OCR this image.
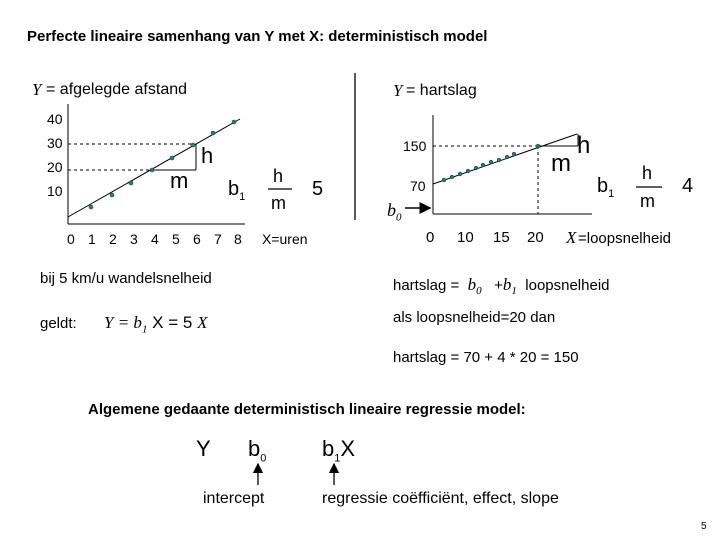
Perfecte lineaire samenhang van Y met X: deterministisch model
Y = afgelegde afstand
40
30
20
10
0 1 2 3 4 5 6 7 8 X=uren
h
m $b_1$
h
m
5
Y = hartslag
150
70
$b_0$
0 10 15 20 X =loopsnelheid
h
m
$b_1$
h
m
4
bij 5 km/u wandelsnelheid
geldt: $Y = b_1$ X = 5 X
hartslag = $b_0 +b_1$ loopsnelheid
als loopsnelheid=20 dan
hartslag = 70 + 4 * 20 = 150
Algemene gedaante deterministisch lineaire regressie model:
Y $b_0$	$b_1X$
intercept	regressie coëfficiënt, effect, slope
5
